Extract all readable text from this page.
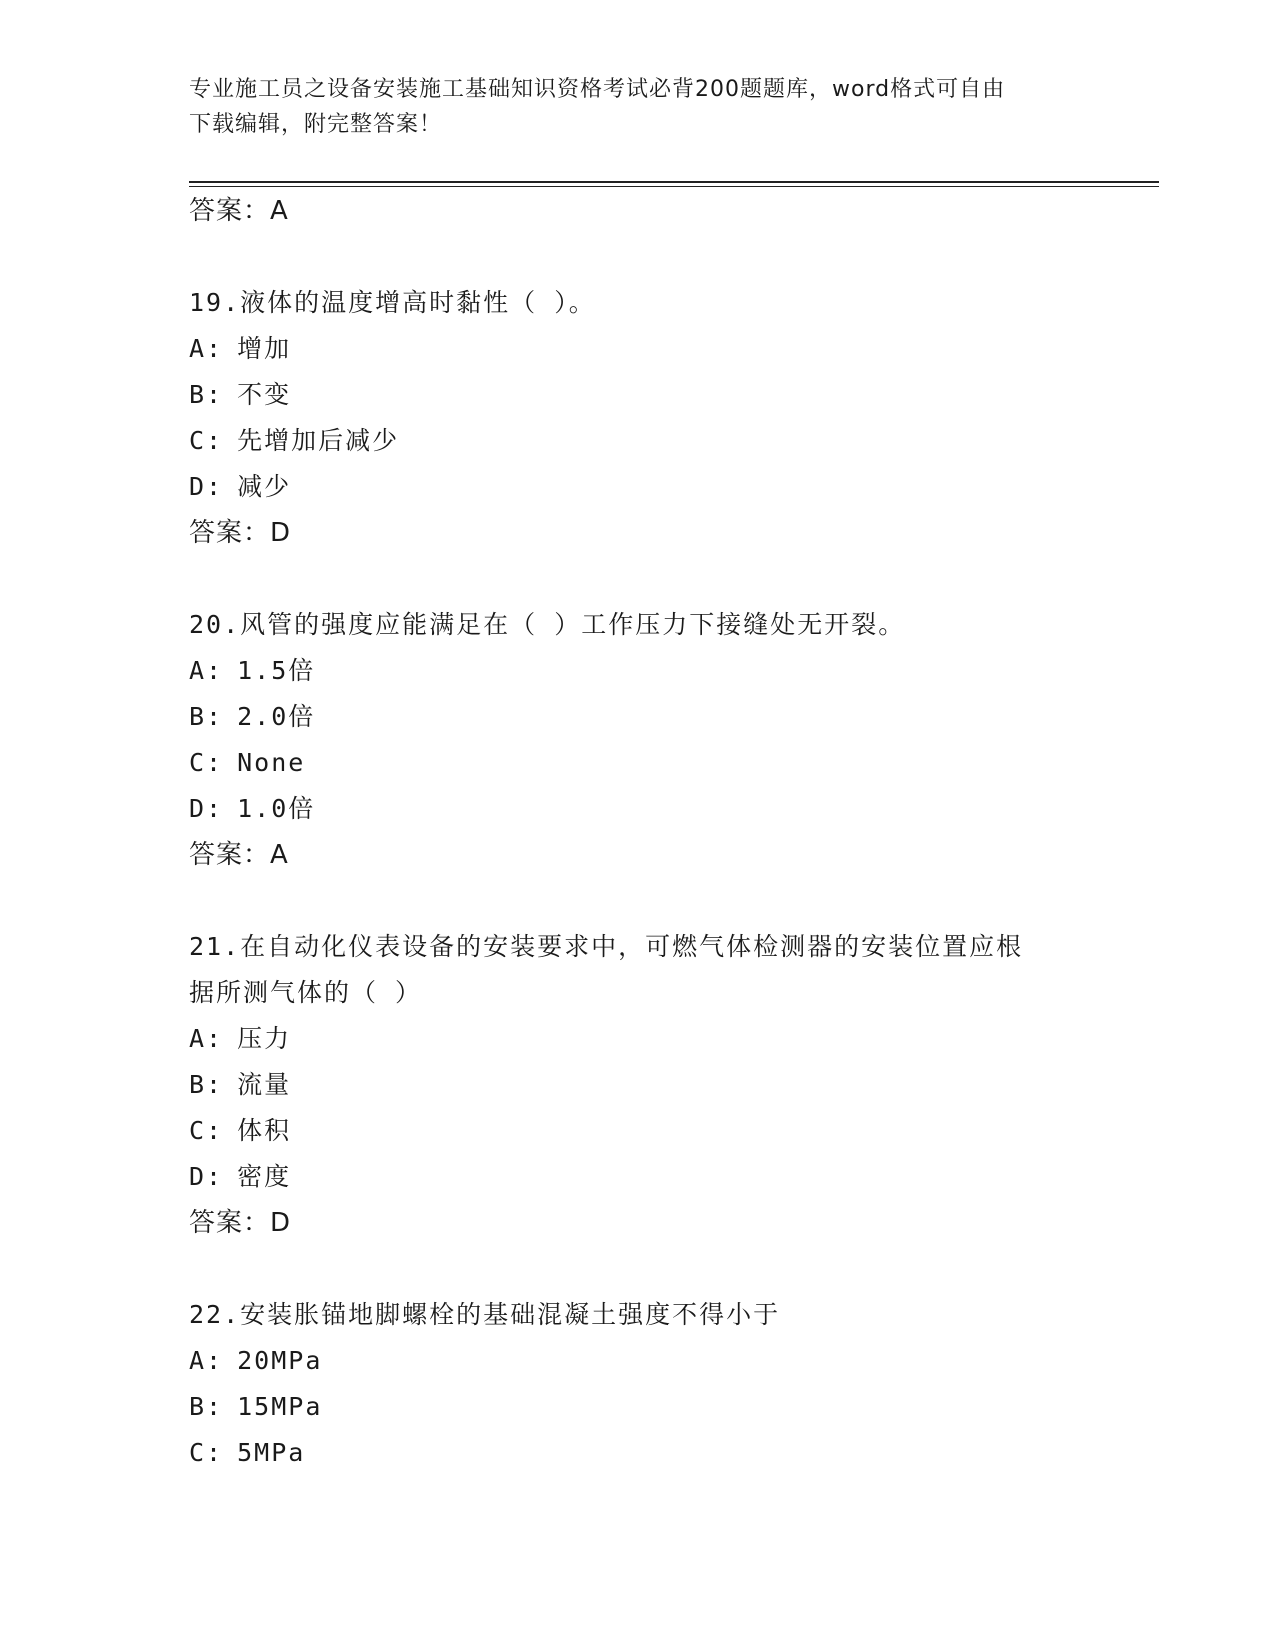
专业施工员之设备安装施工基础知识资格考试必背200题题库，word格式可自由
下载编辑，附完整答案！
答案：A
19.液体的温度增高时黏性（ ）。
A: 增加
B: 不变
C: 先增加后减少
D: 减少
答案：D
20.风管的强度应能满足在（ ）工作压力下接缝处无开裂。
A: 1.5倍
B: 2.0倍
C: None
D: 1.0倍
答案：A
21.在自动化仪表设备的安装要求中，可燃气体检测器的安装位置应根
据所测气体的（ ）
A: 压力
B: 流量
C: 体积
D: 密度
答案：D
22.安装胀锚地脚螺栓的基础混凝土强度不得小于
A: 20MPa
B: 15MPa
C: 5MPa
